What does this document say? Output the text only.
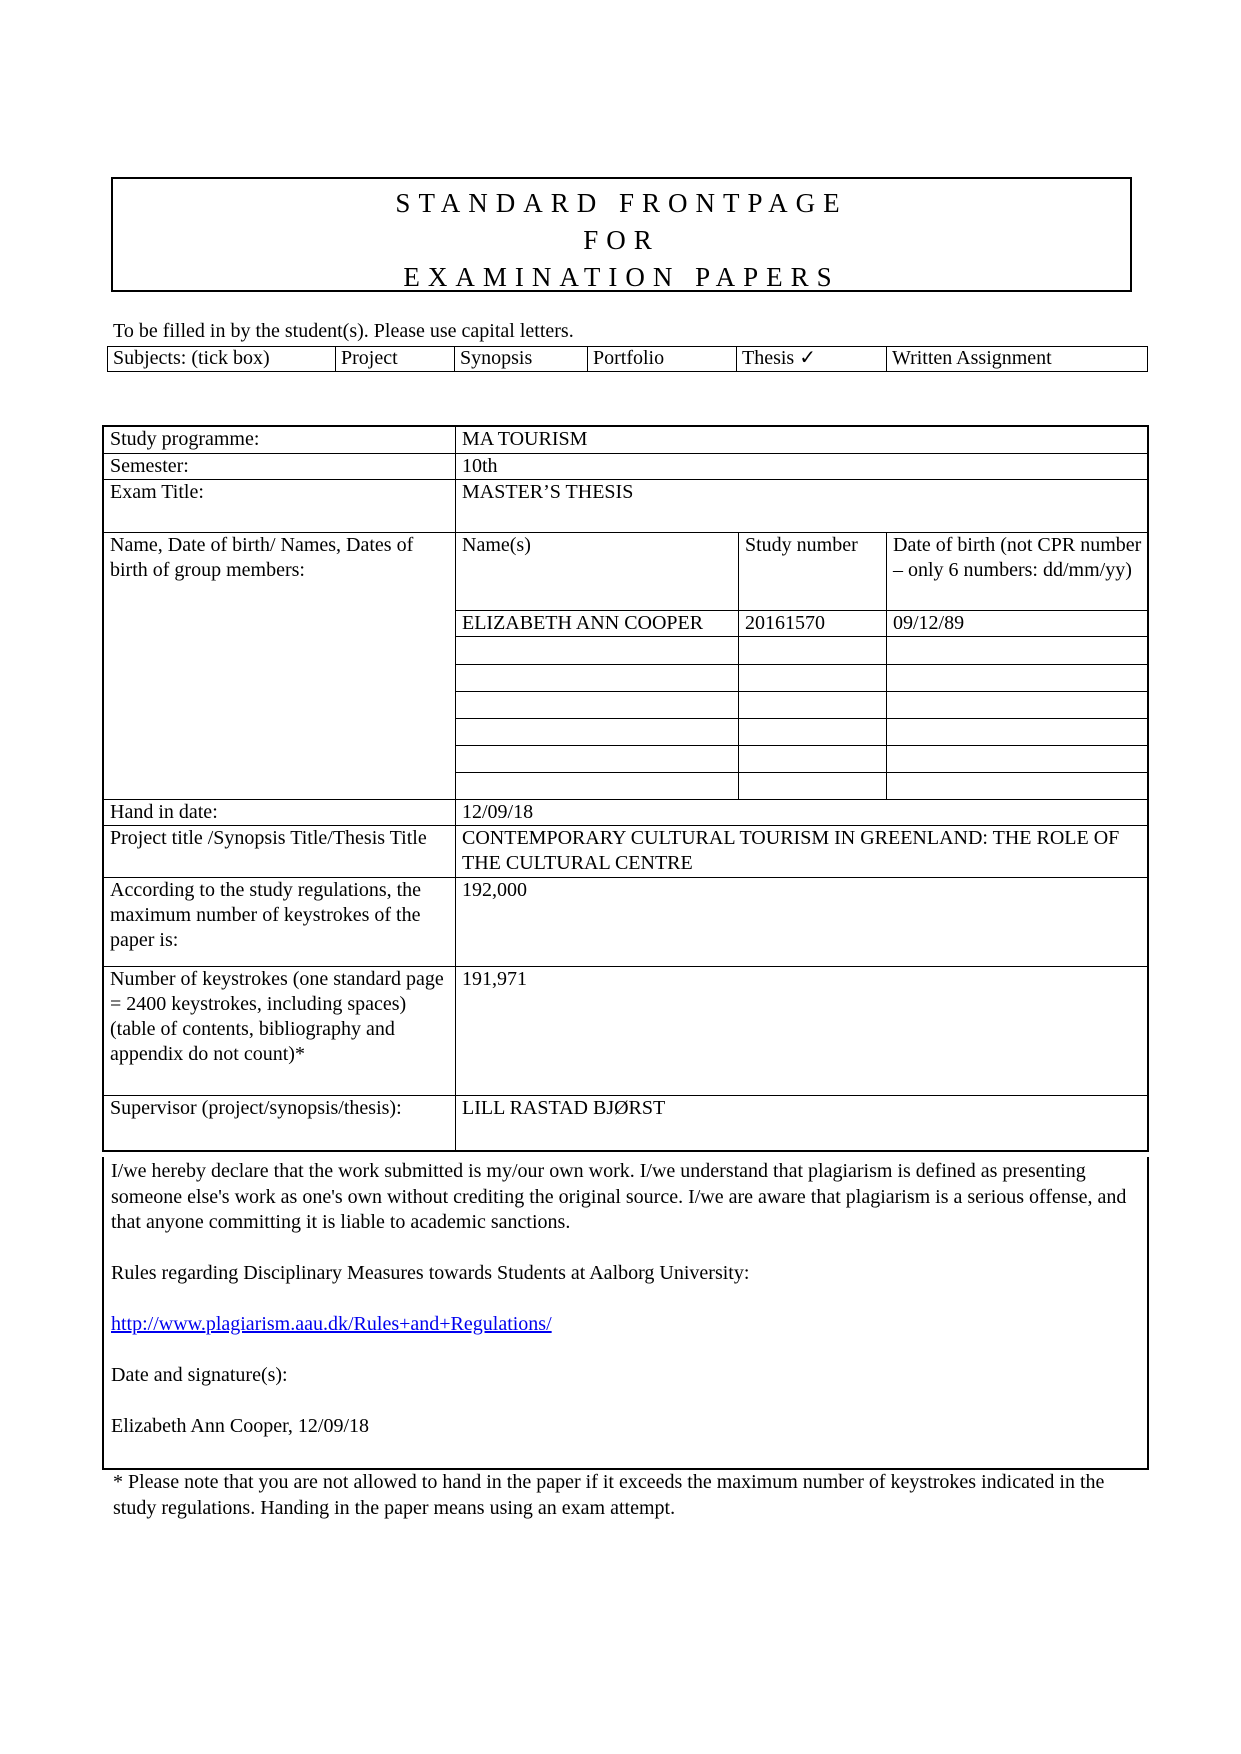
STANDARD FRONTPAGE
FOR
EXAMINATION PAPERS
To be filled in by the student(s). Please use capital letters.
Subjects: (tick box)	Project	Synopsis	Portfolio	Thesis ✓	Written Assignment
Study programme:	MA TOURISM		
Semester:	10th		
Exam Title:	MASTER’S THESIS		
Name, Date of birth/ Names, Dates of birth of group members:	Name(s)	Study number	Date of birth (not CPR number – only 6 numbers: dd/mm/yy)
	ELIZABETH ANN COOPER	20161570	09/12/89

Hand in date:	12/09/18		
Project title /Synopsis Title/Thesis Title	CONTEMPORARY CULTURAL TOURISM IN GREENLAND: THE ROLE OF THE CULTURAL CENTRE		
According to the study regulations, the maximum number of keystrokes of the paper is:	192,000		
Number of keystrokes (one standard page = 2400 keystrokes, including spaces) (table of contents, bibliography and appendix do not count)*	191,971		
Supervisor (project/synopsis/thesis):	LILL RASTAD BJØRST		

I/we hereby declare that the work submitted is my/our own work. I/we understand that plagiarism is defined as presenting someone else's work as one's own without crediting the original source. I/we are aware that plagiarism is a serious offense, and that anyone committing it is liable to academic sanctions.

Rules regarding Disciplinary Measures towards Students at Aalborg University:

http://www.plagiarism.aau.dk/Rules+and+Regulations/

Date and signature(s):

Elizabeth Ann Cooper, 12/09/18

* Please note that you are not allowed to hand in the paper if it exceeds the maximum number of keystrokes indicated in the study regulations. Handing in the paper means using an exam attempt.
